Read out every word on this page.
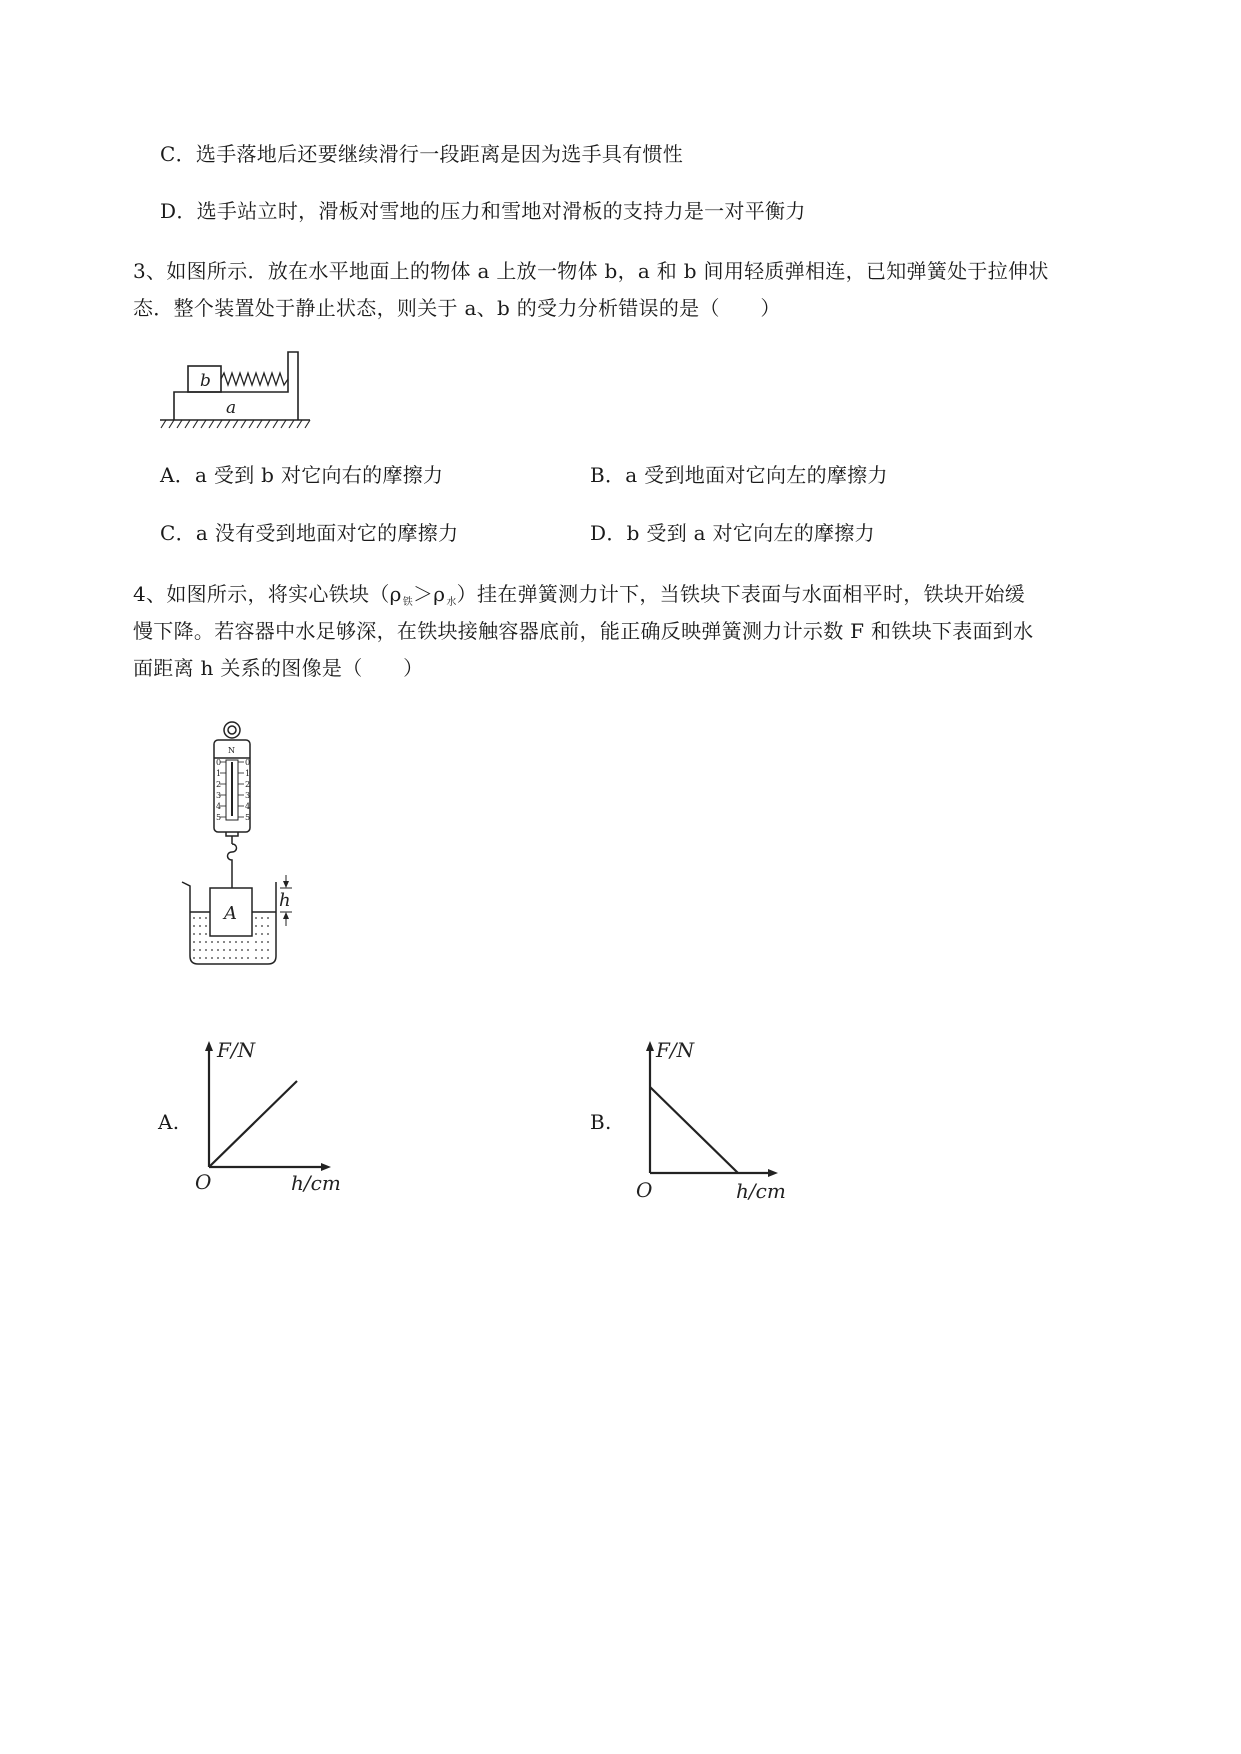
C．选手落地后还要继续滑行一段距离是因为选手具有惯性
D．选手站立时，滑板对雪地的压力和雪地对滑板的支持力是一对平衡力
3、如图所示．放在水平地面上的物体 a 上放一物体 b，a 和 b 间用轻质弹相连，已知弹簧处于拉伸状
态．整个装置处于静止状态，则关于 a、b 的受力分析错误的是（　　）
b
a
A．a 受到 b 对它向右的摩擦力	B．a 受到地面对它向左的摩擦力
C．a 没有受到地面对它的摩擦力	D．b 受到 a 对它向左的摩擦力
4、如图所示，将实心铁块$(\rho_铁>\rho_水)$挂在弹簧测力计下，当铁块下表面与水面相平时，铁块开始缓
慢下降。若容器中水足够深，在铁块接触容器底前，能正确反映弹簧测力计示数 F 和铁块下表面到水
面距离 h 关系的图像是（　　）
N
0
1
2
3
4
5
0
1
2
3
4
5
A
h
A.
F/N
O	h/cm
B.
F/N
O	h/cm
